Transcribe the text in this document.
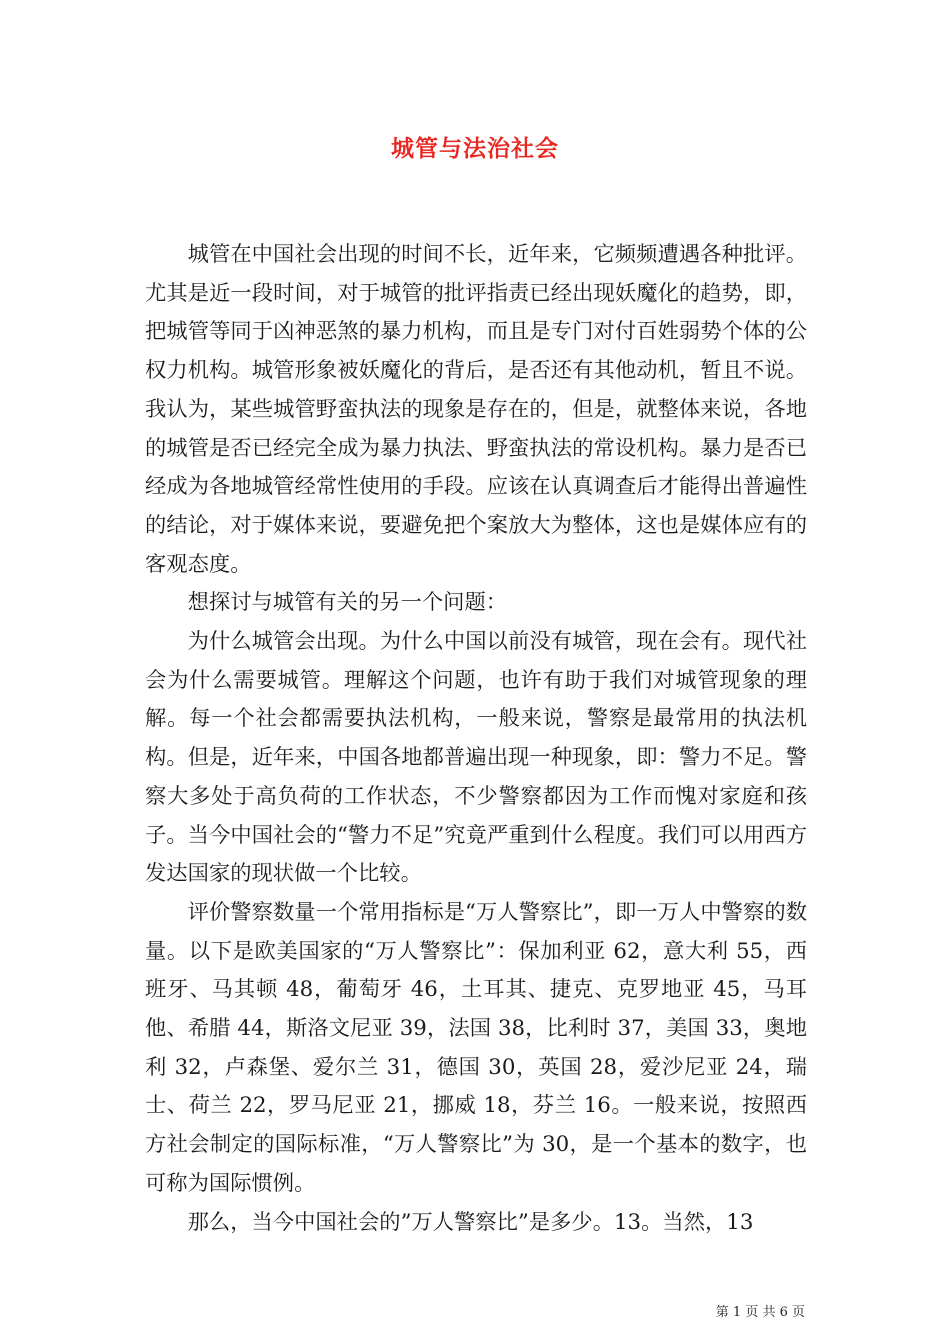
城管与法治社会

城管在中国社会出现的时间不长，近年来，它频频遭遇各种批评。尤其是近一段时间，对于城管的批评指责已经出现妖魔化的趋势，即，把城管等同于凶神恶煞的暴力机构，而且是专门对付百姓弱势个体的公权力机构。城管形象被妖魔化的背后，是否还有其他动机，暂且不说。我认为，某些城管野蛮执法的现象是存在的，但是，就整体来说，各地的城管是否已经完全成为暴力执法、野蛮执法的常设机构。暴力是否已经成为各地城管经常性使用的手段。应该在认真调查后才能得出普遍性的结论，对于媒体来说，要避免把个案放大为整体，这也是媒体应有的客观态度。

想探讨与城管有关的另一个问题：

为什么城管会出现。为什么中国以前没有城管，现在会有。现代社会为什么需要城管。理解这个问题，也许有助于我们对城管现象的理解。每一个社会都需要执法机构，一般来说，警察是最常用的执法机构。但是，近年来，中国各地都普遍出现一种现象，即：警力不足。警察大多处于高负荷的工作状态，不少警察都因为工作而愧对家庭和孩子。当今中国社会的“警力不足”究竟严重到什么程度。我们可以用西方发达国家的现状做一个比较。

评价警察数量一个常用指标是“万人警察比”，即一万人中警察的数量。以下是欧美国家的“万人警察比”：保加利亚 62，意大利 55，西班牙、马其顿 48，葡萄牙 46，土耳其、捷克、克罗地亚 45，马耳他、希腊 44，斯洛文尼亚 39，法国 38，比利时 37，美国 33，奥地利 32，卢森堡、爱尔兰 31，德国 30，英国 28，爱沙尼亚 24，瑞士、荷兰 22，罗马尼亚 21，挪威 18，芬兰 16。一般来说，按照西方社会制定的国际标准，“万人警察比”为 30，是一个基本的数字，也可称为国际惯例。

那么，当今中国社会的”万人警察比”是多少。13。当然，13

第 1 页 共 6 页
